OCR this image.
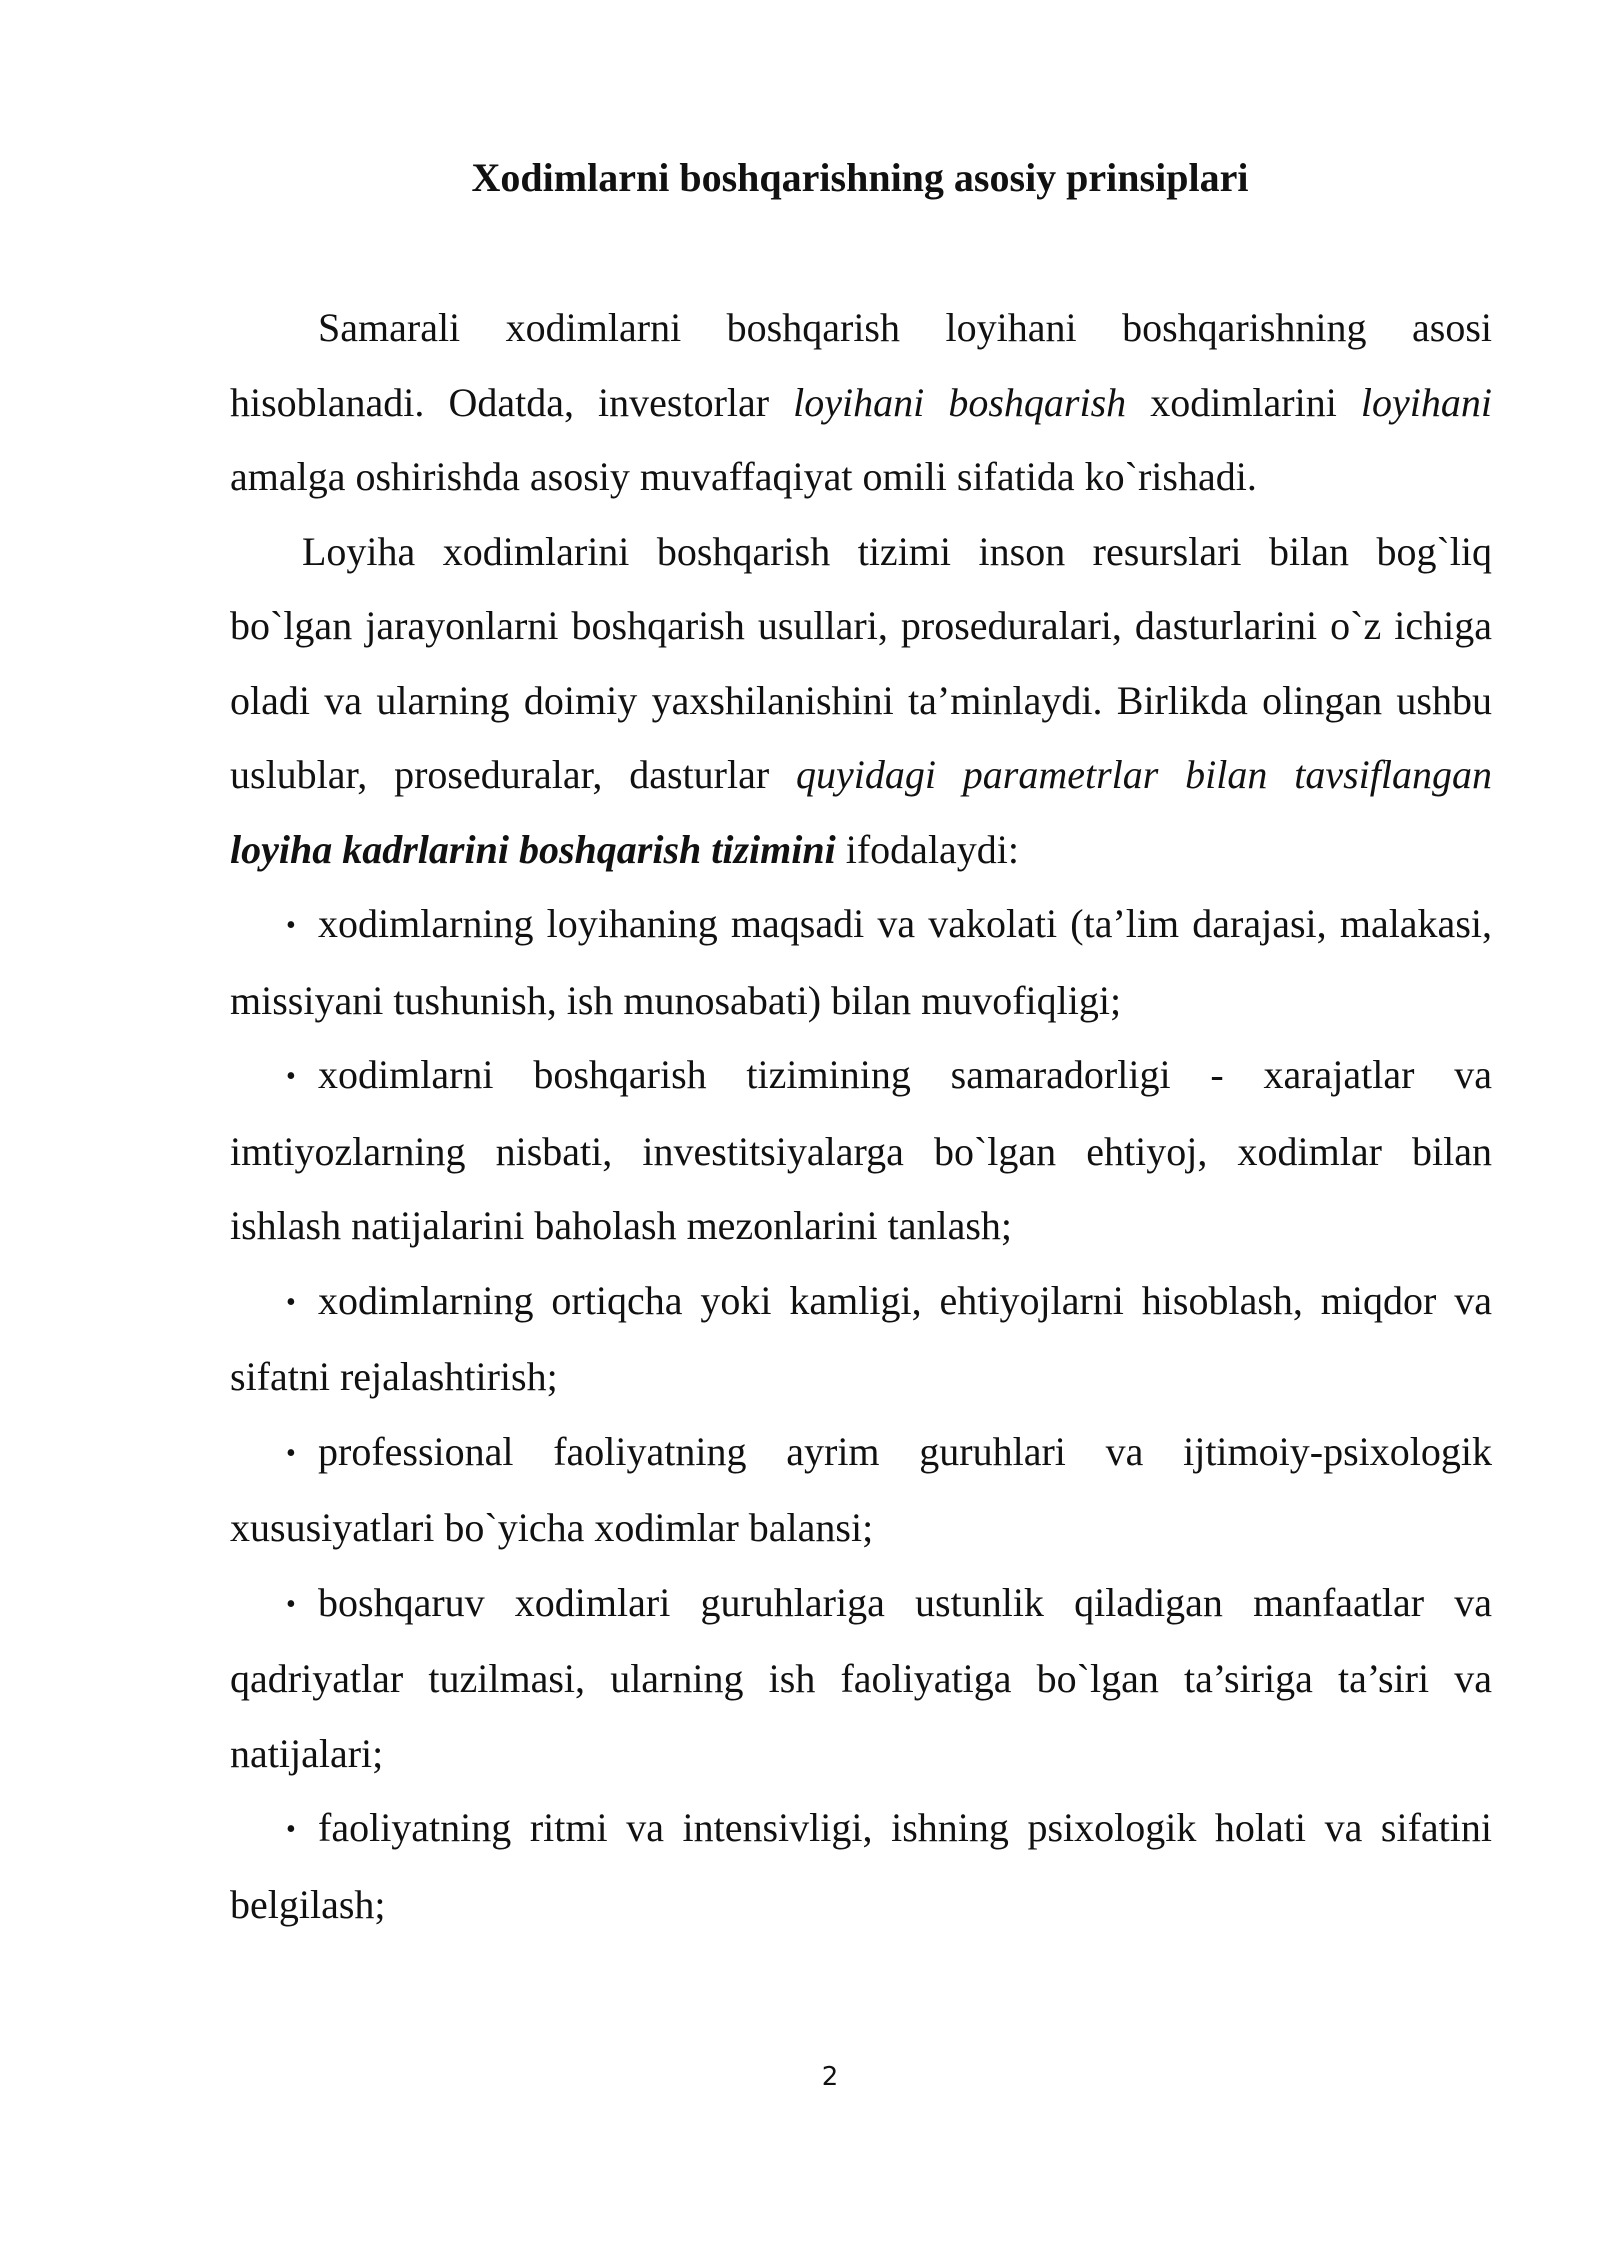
Xodimlarni boshqarishning asosiy prinsiplari

Samarali xodimlarni boshqarish loyihani boshqarishning asosi hisoblanadi. Odatda, investorlar loyihani boshqarish xodimlarini loyihani amalga oshirishda asosiy muvaffaqiyat omili sifatida ko`rishadi.

Loyiha xodimlarini boshqarish tizimi inson resurslari bilan bog`liq bo`lgan jarayonlarni boshqarish usullari, proseduralari, dasturlarini o`z ichiga oladi va ularning doimiy yaxshilanishini ta’minlaydi. Birlikda olingan ushbu uslublar, proseduralar, dasturlar quyidagi parametrlar bilan tavsiflangan loyiha kadrlarini boshqarish tizimini ifodalaydi:

• xodimlarning loyihaning maqsadi va vakolati (ta’lim darajasi, malakasi, missiyani tushunish, ish munosabati) bilan muvofiqligi;

• xodimlarni boshqarish tizimining samaradorligi - xarajatlar va imtiyozlarning nisbati, investitsiyalarga bo`lgan ehtiyoj, xodimlar bilan ishlash natijalarini baholash mezonlarini tanlash;

• xodimlarning ortiqcha yoki kamligi, ehtiyojlarni hisoblash, miqdor va sifatni rejalashtirish;

• professional faoliyatning ayrim guruhlari va ijtimoiy-psixologik xususiyatlari bo`yicha xodimlar balansi;

• boshqaruv xodimlari guruhlariga ustunlik qiladigan manfaatlar va qadriyatlar tuzilmasi, ularning ish faoliyatiga bo`lgan ta’siriga ta’siri va natijalari;

• faoliyatning ritmi va intensivligi, ishning psixologik holati va sifatini belgilash;

2
